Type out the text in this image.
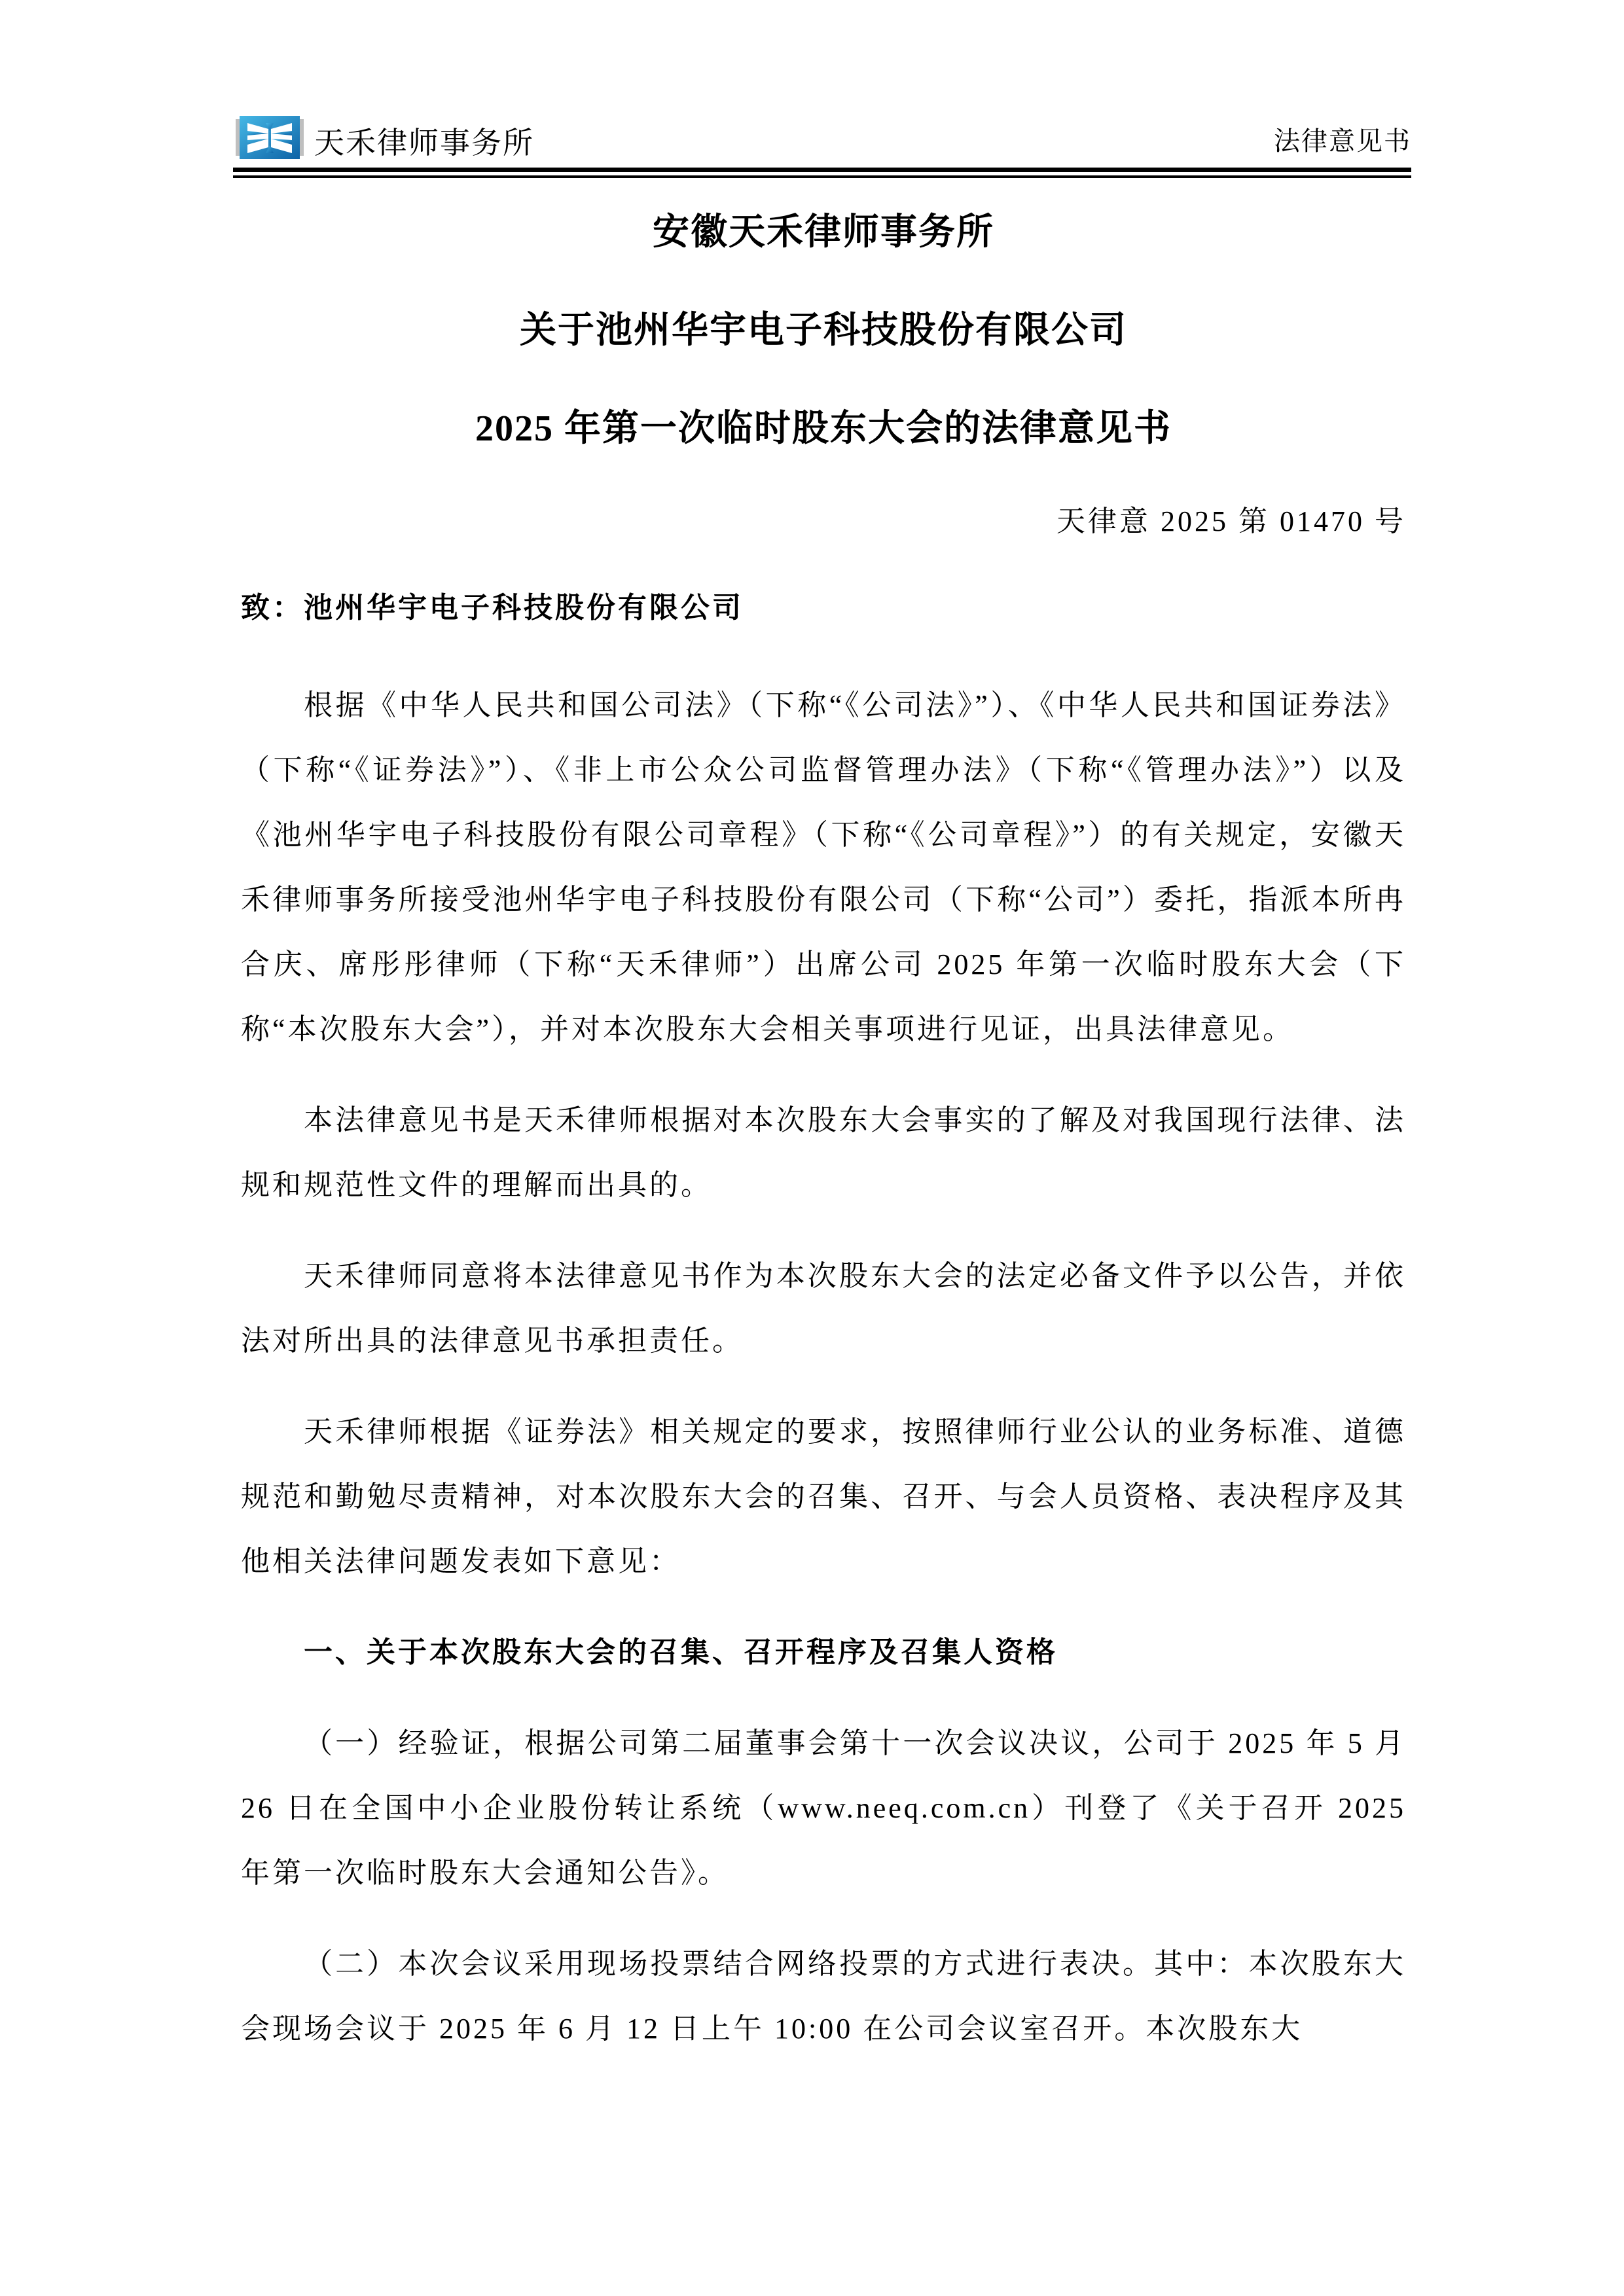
天禾律师事务所	法律意见书
安徽天禾律师事务所
关于池州华宇电子科技股份有限公司
2025 年第一次临时股东大会的法律意见书
天律意 2025 第 01470 号
致：池州华宇电子科技股份有限公司
根据《中华人民共和国公司法》（下称“《公司法》”）、《中华人民共和国证券法》（下称“《证券法》”）、《非上市公众公司监督管理办法》（下称“《管理办法》”）以及《池州华宇电子科技股份有限公司章程》（下称“《公司章程》”）的有关规定，安徽天禾律师事务所接受池州华宇电子科技股份有限公司（下称“公司”）委托，指派本所冉合庆、席彤彤律师（下称“天禾律师”）出席公司 2025 年第一次临时股东大会（下称“本次股东大会”），并对本次股东大会相关事项进行见证，出具法律意见。
本法律意见书是天禾律师根据对本次股东大会事实的了解及对我国现行法律、法规和规范性文件的理解而出具的。
天禾律师同意将本法律意见书作为本次股东大会的法定必备文件予以公告，并依法对所出具的法律意见书承担责任。
天禾律师根据《证券法》相关规定的要求，按照律师行业公认的业务标准、道德规范和勤勉尽责精神，对本次股东大会的召集、召开、与会人员资格、表决程序及其他相关法律问题发表如下意见：
一、关于本次股东大会的召集、召开程序及召集人资格
（一）经验证，根据公司第二届董事会第十一次会议决议，公司于 2025 年 5 月 26 日在全国中小企业股份转让系统（www.neeq.com.cn）刊登了《关于召开 2025 年第一次临时股东大会通知公告》。
（二）本次会议采用现场投票结合网络投票的方式进行表决。其中：本次股东大会现场会议于 2025 年 6 月 12 日上午 10:00 在公司会议室召开。本次股东大
